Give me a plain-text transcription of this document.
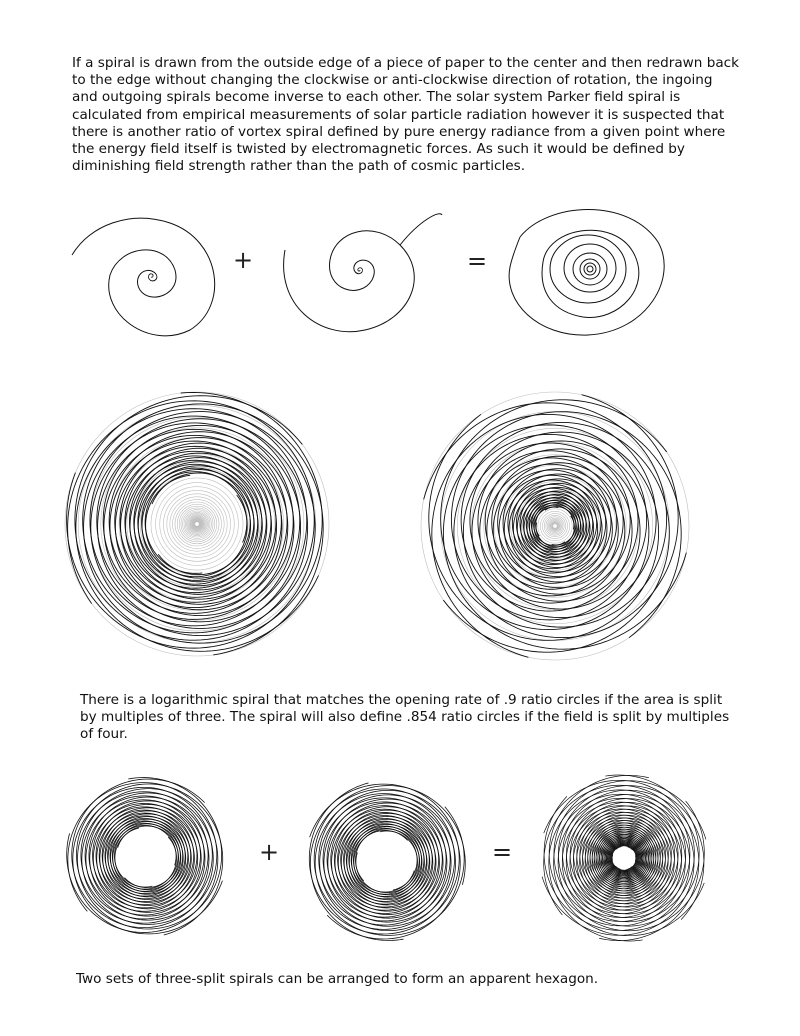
If a spiral is drawn from the outside edge of a piece of paper to the center and then redrawn back to the edge without changing the clockwise or anti-clockwise direction of rotation, the ingoing and outgoing spirals become inverse to each other. The solar system Parker field spiral is calculated from empirical measurements of solar particle radiation however it is suspected that there is another ratio of vortex spiral defined by pure energy radiance from a given point where the energy field itself is twisted by electromagnetic forces. As such it would be defined by diminishing field strength rather than the path of cosmic particles.

+	=

There is a logarithmic spiral that matches the opening rate of .9 ratio circles if the area is split by multiples of three. The spiral will also define .854 ratio circles if the field is split by multiples of four.

+	=

Two sets of three-split spirals can be arranged to form an apparent hexagon.
